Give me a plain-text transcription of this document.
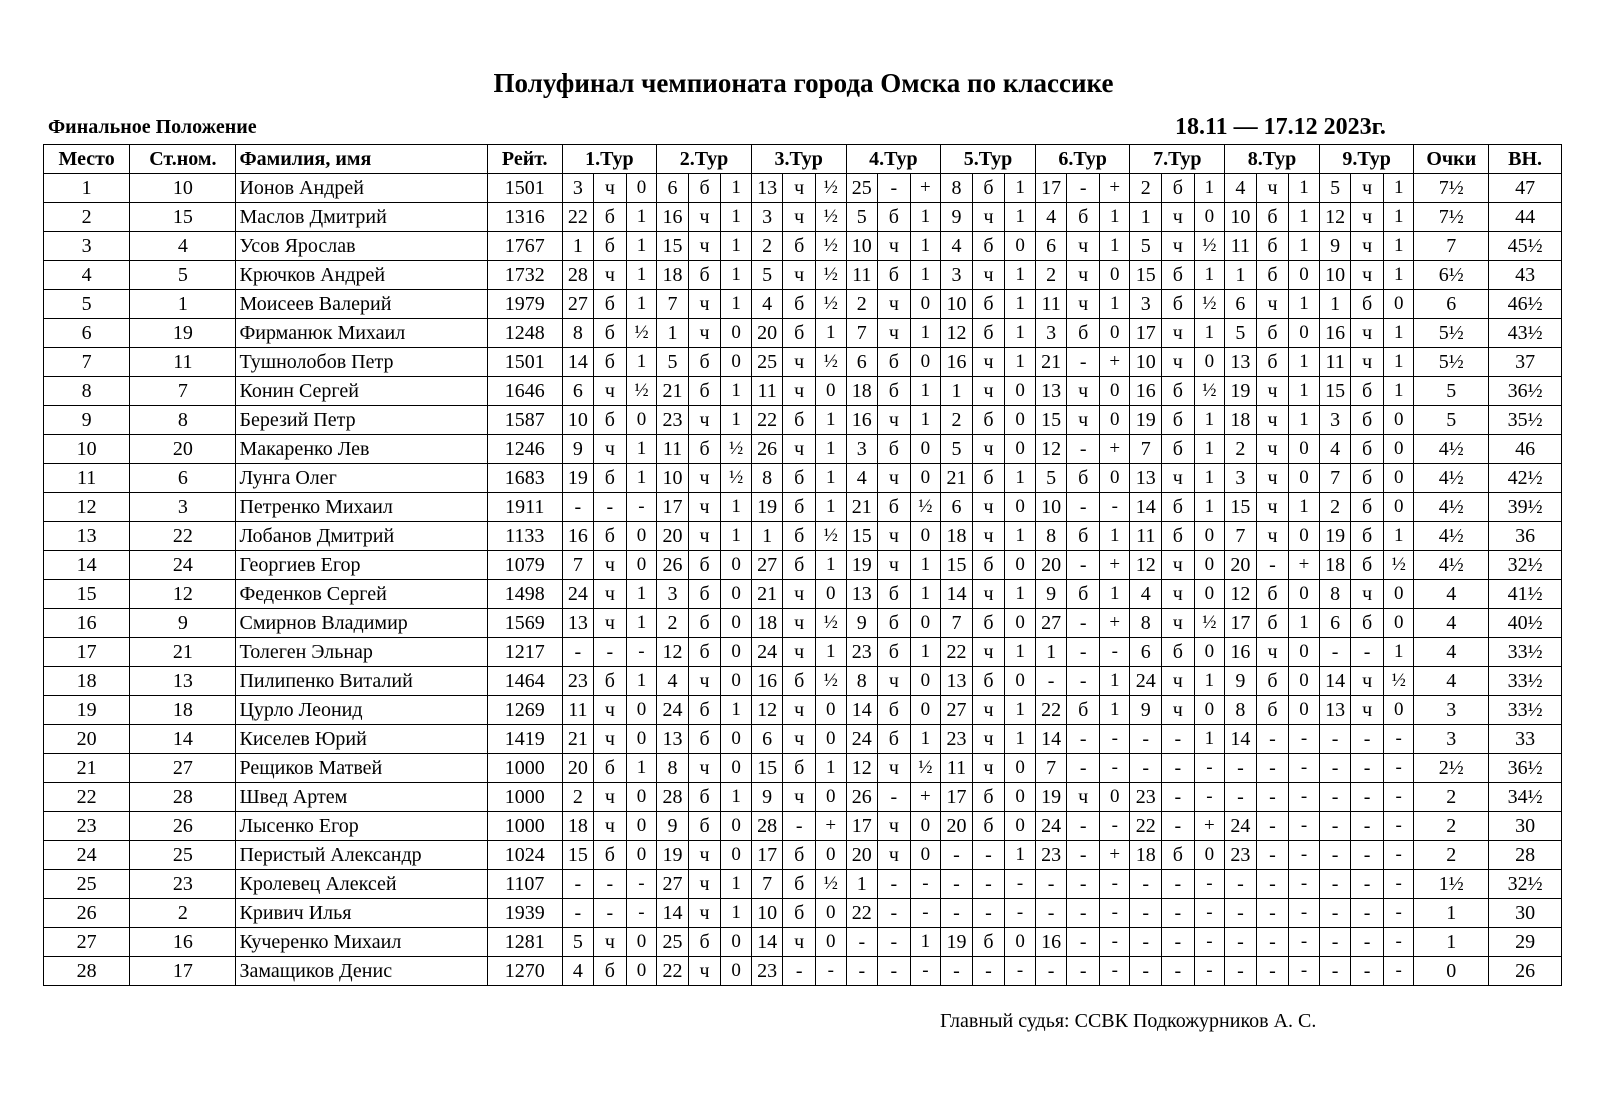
Полуфинал чемпионата города Омска по классике
Финальное Положение	18.11 — 17.12 2023г.
Место	Ст.ном.	Фамилия, имя	Рейт.	1.Тур			2.Тур			3.Тур			4.Тур			5.Тур			6.Тур			7.Тур			8.Тур			9.Тур			Очки	ВН.
1	10	Ионов Андрей	1501	3	ч	0	6	б	1	13	ч	½	25	-	+	8	б	1	17	-	+	2	б	1	4	ч	1	5	ч	1	7½	47
2	15	Маслов Дмитрий	1316	22	б	1	16	ч	1	3	ч	½	5	б	1	9	ч	1	4	б	1	1	ч	0	10	б	1	12	ч	1	7½	44
3	4	Усов Ярослав	1767	1	б	1	15	ч	1	2	б	½	10	ч	1	4	б	0	6	ч	1	5	ч	½	11	б	1	9	ч	1	7	45½
4	5	Крючков Андрей	1732	28	ч	1	18	б	1	5	ч	½	11	б	1	3	ч	1	2	ч	0	15	б	1	1	б	0	10	ч	1	6½	43
5	1	Моисеев Валерий	1979	27	б	1	7	ч	1	4	б	½	2	ч	0	10	б	1	11	ч	1	3	б	½	6	ч	1	1	б	0	6	46½
6	19	Фирманюк Михаил	1248	8	б	½	1	ч	0	20	б	1	7	ч	1	12	б	1	3	б	0	17	ч	1	5	б	0	16	ч	1	5½	43½
7	11	Тушнолобов Петр	1501	14	б	1	5	б	0	25	ч	½	6	б	0	16	ч	1	21	-	+	10	ч	0	13	б	1	11	ч	1	5½	37
8	7	Конин Сергей	1646	6	ч	½	21	б	1	11	ч	0	18	б	1	1	ч	0	13	ч	0	16	б	½	19	ч	1	15	б	1	5	36½
9	8	Березий Петр	1587	10	б	0	23	ч	1	22	б	1	16	ч	1	2	б	0	15	ч	0	19	б	1	18	ч	1	3	б	0	5	35½
10	20	Макаренко Лев	1246	9	ч	1	11	б	½	26	ч	1	3	б	0	5	ч	0	12	-	+	7	б	1	2	ч	0	4	б	0	4½	46
11	6	Лунга Олег	1683	19	б	1	10	ч	½	8	б	1	4	ч	0	21	б	1	5	б	0	13	ч	1	3	ч	0	7	б	0	4½	42½
12	3	Петренко Михаил	1911	-	-	-	17	ч	1	19	б	1	21	б	½	6	ч	0	10	-	-	14	б	1	15	ч	1	2	б	0	4½	39½
13	22	Лобанов Дмитрий	1133	16	б	0	20	ч	1	1	б	½	15	ч	0	18	ч	1	8	б	1	11	б	0	7	ч	0	19	б	1	4½	36
14	24	Георгиев Егор	1079	7	ч	0	26	б	0	27	б	1	19	ч	1	15	б	0	20	-	+	12	ч	0	20	-	+	18	б	½	4½	32½
15	12	Феденков Сергей	1498	24	ч	1	3	б	0	21	ч	0	13	б	1	14	ч	1	9	б	1	4	ч	0	12	б	0	8	ч	0	4	41½
16	9	Смирнов Владимир	1569	13	ч	1	2	б	0	18	ч	½	9	б	0	7	б	0	27	-	+	8	ч	½	17	б	1	6	б	0	4	40½
17	21	Толеген Эльнар	1217	-	-	-	12	б	0	24	ч	1	23	б	1	22	ч	1	1	-	-	6	б	0	16	ч	0	-	-	1	4	33½
18	13	Пилипенко Виталий	1464	23	б	1	4	ч	0	16	б	½	8	ч	0	13	б	0	-	-	1	24	ч	1	9	б	0	14	ч	½	4	33½
19	18	Цурло Леонид	1269	11	ч	0	24	б	1	12	ч	0	14	б	0	27	ч	1	22	б	1	9	ч	0	8	б	0	13	ч	0	3	33½
20	14	Киселев Юрий	1419	21	ч	0	13	б	0	6	ч	0	24	б	1	23	ч	1	14	-	-	-	-	1	14	-	-	-	-	-	3	33
21	27	Рещиков Матвей	1000	20	б	1	8	ч	0	15	б	1	12	ч	½	11	ч	0	7	-	-	-	-	-	-	-	-	-	-	-	2½	36½
22	28	Швед Артем	1000	2	ч	0	28	б	1	9	ч	0	26	-	+	17	б	0	19	ч	0	23	-	-	-	-	-	-	-	-	2	34½
23	26	Лысенко Егор	1000	18	ч	0	9	б	0	28	-	+	17	ч	0	20	б	0	24	-	-	22	-	+	24	-	-	-	-	-	2	30
24	25	Перистый Александр	1024	15	б	0	19	ч	0	17	б	0	20	ч	0	-	-	1	23	-	+	18	б	0	23	-	-	-	-	-	2	28
25	23	Кролевец Алексей	1107	-	-	-	27	ч	1	7	б	½	1	-	-	-	-	-	-	-	-	-	-	-	-	-	-	-	-	-	1½	32½
26	2	Кривич Илья	1939	-	-	-	14	ч	1	10	б	0	22	-	-	-	-	-	-	-	-	-	-	-	-	-	-	-	-	-	1	30
27	16	Кучеренко Михаил	1281	5	ч	0	25	б	0	14	ч	0	-	-	1	19	б	0	16	-	-	-	-	-	-	-	-	-	-	-	1	29
28	17	Замащиков Денис	1270	4	б	0	22	ч	0	23	-	-	-	-	-	-	-	-	-	-	-	-	-	-	-	-	-	-	-	-	0	26
Главный судья: ССВК Подкожурников А. С.
